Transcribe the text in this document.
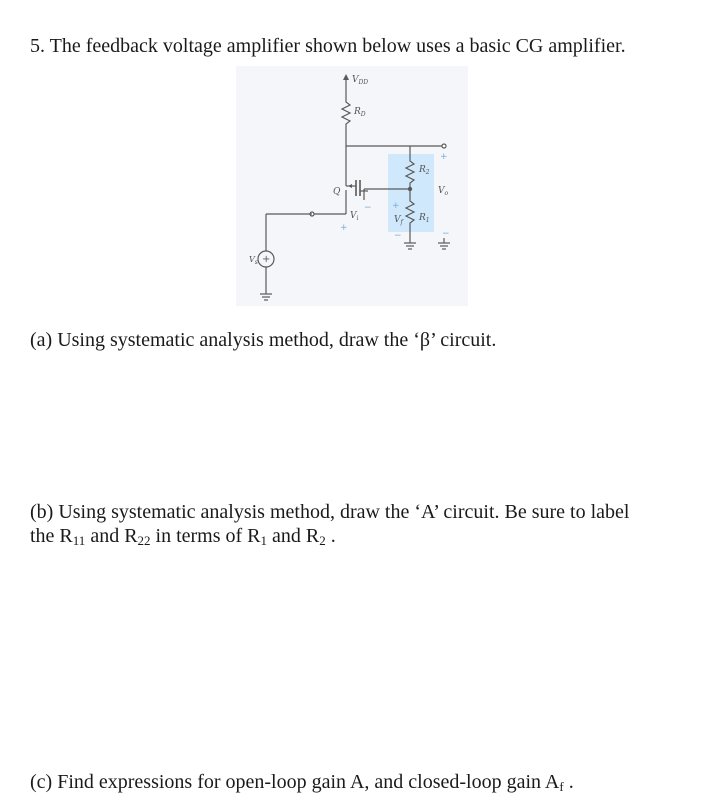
5. The feedback voltage amplifier shown below uses a basic CG amplifier.

$V_{DD}$
$R_D$
Q
$V_i$
$V_s$ +
$R_2$
$R_1$
$V_f$
$V_o$
+
−
+
−
−
+

(a) Using systematic analysis method, draw the ‘β’ circuit.

(b) Using systematic analysis method, draw the ‘A’ circuit. Be sure to label
the $R_{11}$ and $R_{22}$ in terms of $R_1$ and $R_2$ .

(c) Find expressions for open-loop gain A, and closed-loop gain $A_f$ .
